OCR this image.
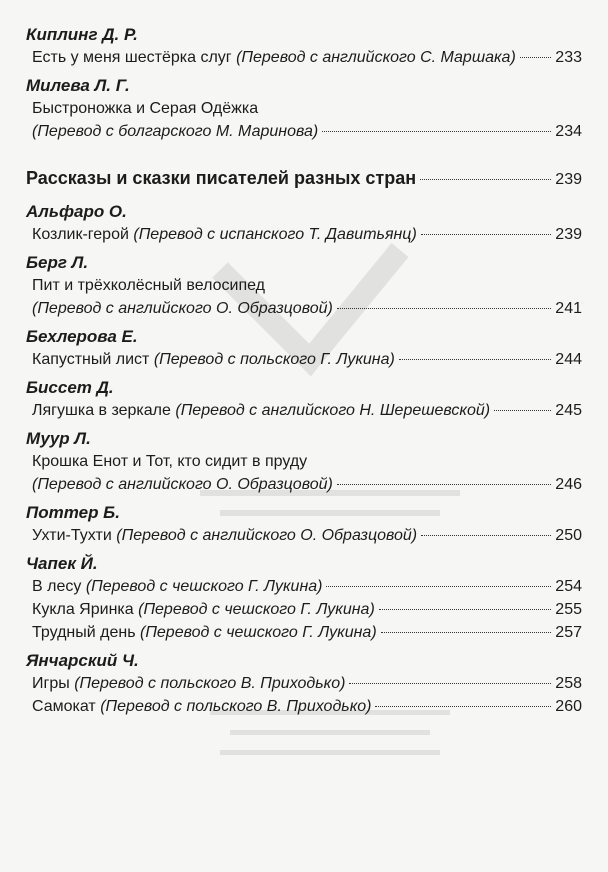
Киплинг Д. Р.
Есть у меня шестёрка слуг
(Перевод с английского С. Маршака) 233
Милева Л. Г.
Быстроножка и Серая Одёжка
(Перевод с болгарского М. Маринова)	234
Рассказы и сказки писателей разных стран	239
Альфаро О.
Козлик-герой
(Перевод с испанского Т. Давитьянц)	239
Берг Л.
Пит и трёхколёсный велосипед
(Перевод с английского О. Образцовой)	241
Бехлерова Е.
Капустный лист
(Перевод с польского Г. Лукина)	244
Биссет Д.
Лягушка в зеркале
(Перевод с английского Н. Шерешевской)	245
Муур Л.
Крошка Енот и Тот, кто сидит в пруду
(Перевод с английского О. Образцовой)	246
Поттер Б.
Ухти-Тухти
(Перевод с английского О. Образцовой)	250
Чапек Й.
В лесу
(Перевод с чешского Г. Лукина)	254
Кукла Яринка
(Перевод с чешского Г. Лукина)	255
Трудный день
(Перевод с чешского Г. Лукина)	257
Янчарский Ч.
Игры
(Перевод с польского В. Приходько)	258
Самокат
(Перевод с польского В. Приходько)	260
